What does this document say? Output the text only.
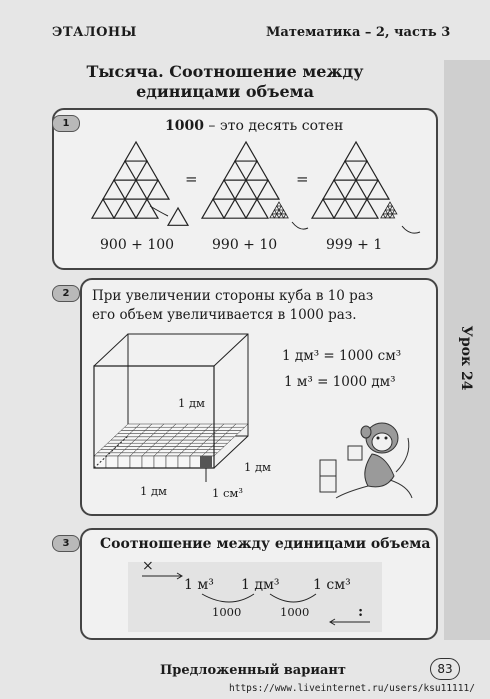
Урок 24
ЭТАЛОНЫ	Математика – 2, часть 3
Тысяча. Соотношение между
единицами объема
1	1000 – это десять сотен
=	=
900 + 100	990 + 10	999 + 1
2	При увеличении стороны куба в 10 раз
его объем увеличивается в 1000 раз.
1 дм³ = 1000 см³
1 м³ = 1000 дм³
1 дм
1 дм
1 дм	1 см³
3	Соотношение между единицами объема
×
:
1 м³ 1 дм³ 1 см³
1000	1000
Предложенный вариант	83
https://www.liveinternet.ru/users/ksu11111/
